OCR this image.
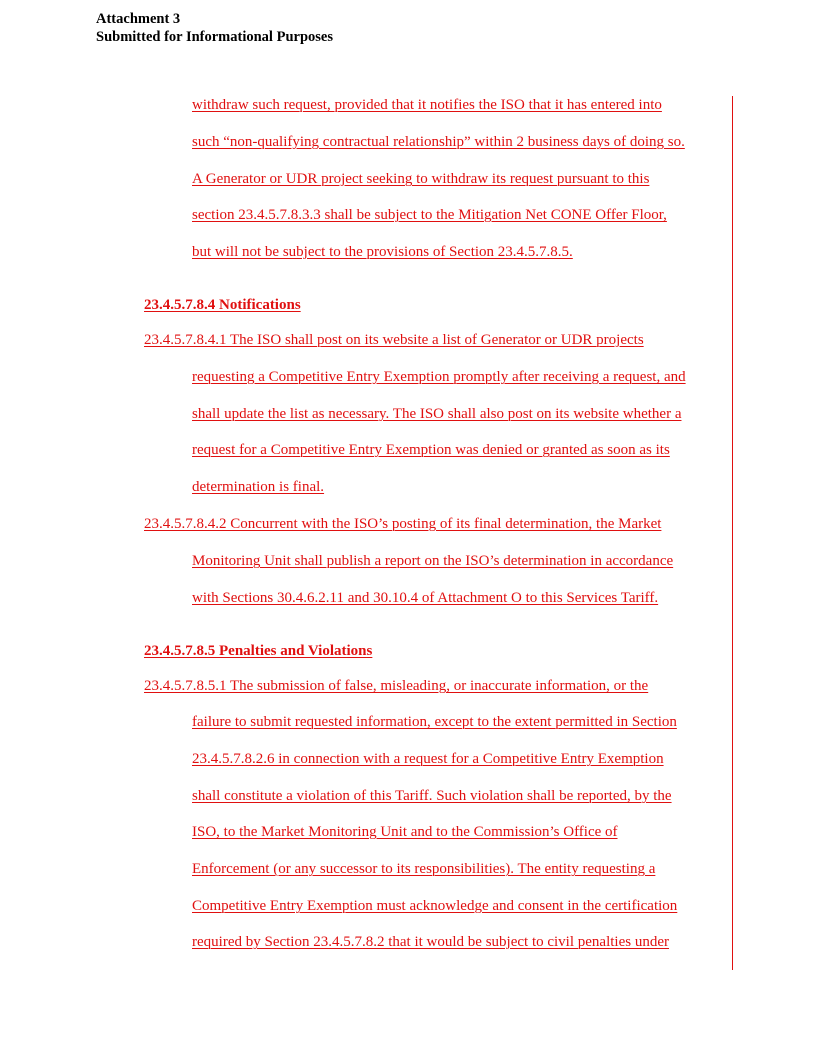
Attachment 3
Submitted for Informational Purposes
withdraw such request, provided that it notifies the ISO that it has entered into
such “non-qualifying contractual relationship” within 2 business days of doing so.
A Generator or UDR project seeking to withdraw its request pursuant to this
section 23.4.5.7.8.3.3 shall be subject to the Mitigation Net CONE Offer Floor,
but will not be subject to the provisions of Section 23.4.5.7.8.5.
23.4.5.7.8.4 Notifications
23.4.5.7.8.4.1 The ISO shall post on its website a list of Generator or UDR projects
requesting a Competitive Entry Exemption promptly after receiving a request, and
shall update the list as necessary. The ISO shall also post on its website whether a
request for a Competitive Entry Exemption was denied or granted as soon as its
determination is final.
23.4.5.7.8.4.2 Concurrent with the ISO’s posting of its final determination, the Market
Monitoring Unit shall publish a report on the ISO’s determination in accordance
with Sections 30.4.6.2.11 and 30.10.4 of Attachment O to this Services Tariff.
23.4.5.7.8.5 Penalties and Violations
23.4.5.7.8.5.1 The submission of false, misleading, or inaccurate information, or the
failure to submit requested information, except to the extent permitted in Section
23.4.5.7.8.2.6 in connection with a request for a Competitive Entry Exemption
shall constitute a violation of this Tariff. Such violation shall be reported, by the
ISO, to the Market Monitoring Unit and to the Commission’s Office of
Enforcement (or any successor to its responsibilities). The entity requesting a
Competitive Entry Exemption must acknowledge and consent in the certification
required by Section 23.4.5.7.8.2 that it would be subject to civil penalties under
